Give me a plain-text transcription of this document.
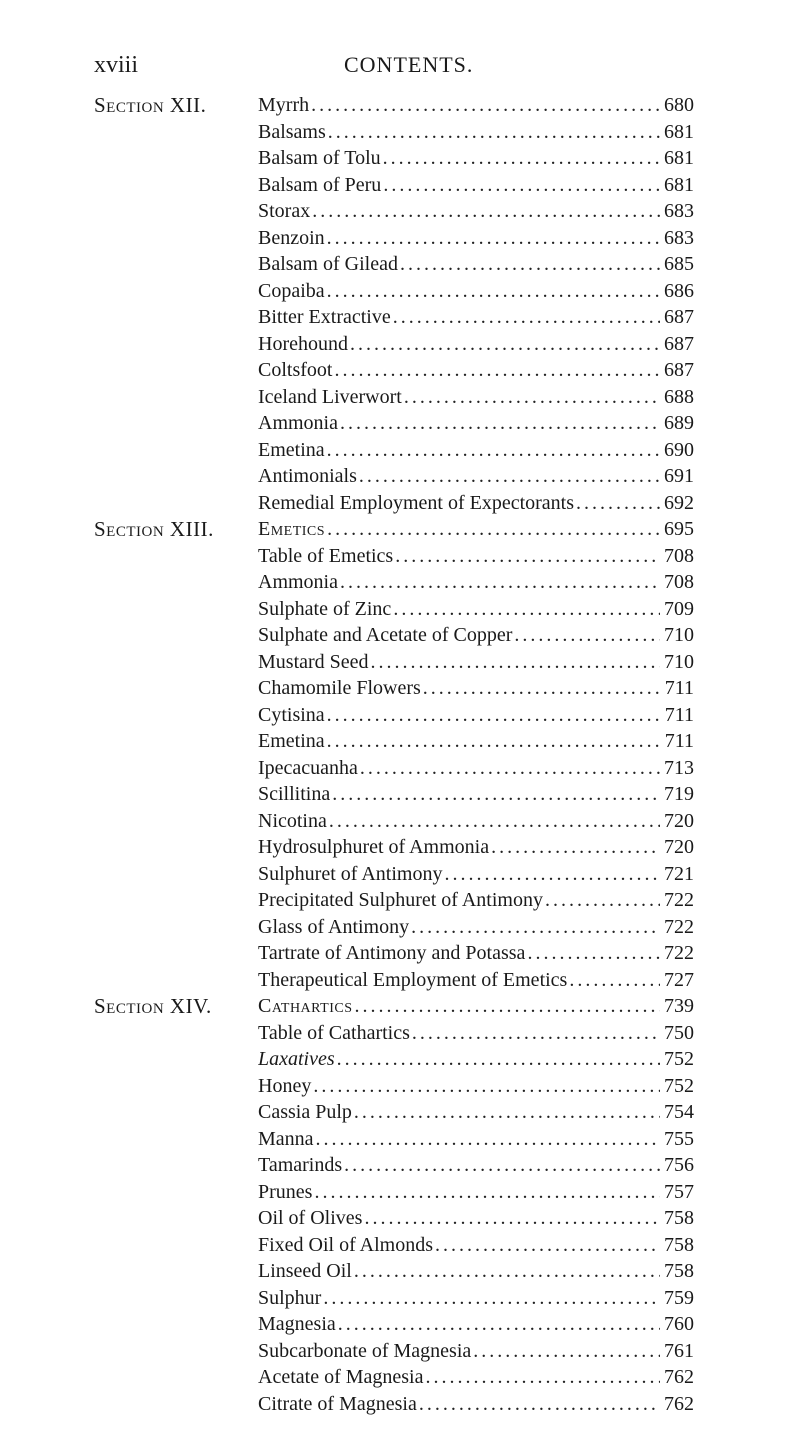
xviii	CONTENTS.
Section XII.	Myrrh .....	680
Balsams .....	681
Balsam of Tolu .....	681
Balsam of Peru .....	681
Storax .....	683
Benzoin .....	683
Balsam of Gilead .....	685
Copaiba .....	686
Bitter Extractive .....	687
Horehound .....	687
Coltsfoot .....	687
Iceland Liverwort .....	688
Ammonia .....	689
Emetina .....	690
Antimonials .....	691
Remedial Employment of Expectorants .....	692
Section XIII. Emetics .....	695
Table of Emetics .....	708
Ammonia .....	708
Sulphate of Zinc .....	709
Sulphate and Acetate of Copper .....	710
Mustard Seed .....	710
Chamomile Flowers .....	711
Cytisina .....	711
Emetina .....	711
Ipecacuanha .....	713
Scillitina .....	719
Nicotina .....	720
Hydrosulphuret of Ammonia .....	720
Sulphuret of Antimony .....	721
Precipitated Sulphuret of Antimony .....	722
Glass of Antimony .....	722
Tartrate of Antimony and Potassa .....	722
Therapeutical Employment of Emetics .....	727
Section XIV. Cathartics .....	739
Table of Cathartics .....	750
Laxatives .....	752
Honey .....	752
Cassia Pulp .....	754
Manna .....	755
Tamarinds .....	756
Prunes .....	757
Oil of Olives .....	758
Fixed Oil of Almonds .....	758
Linseed Oil .....	758
Sulphur .....	759
Magnesia .....	760
Subcarbonate of Magnesia .....	761
Acetate of Magnesia .....	762
Citrate of Magnesia .....	762
